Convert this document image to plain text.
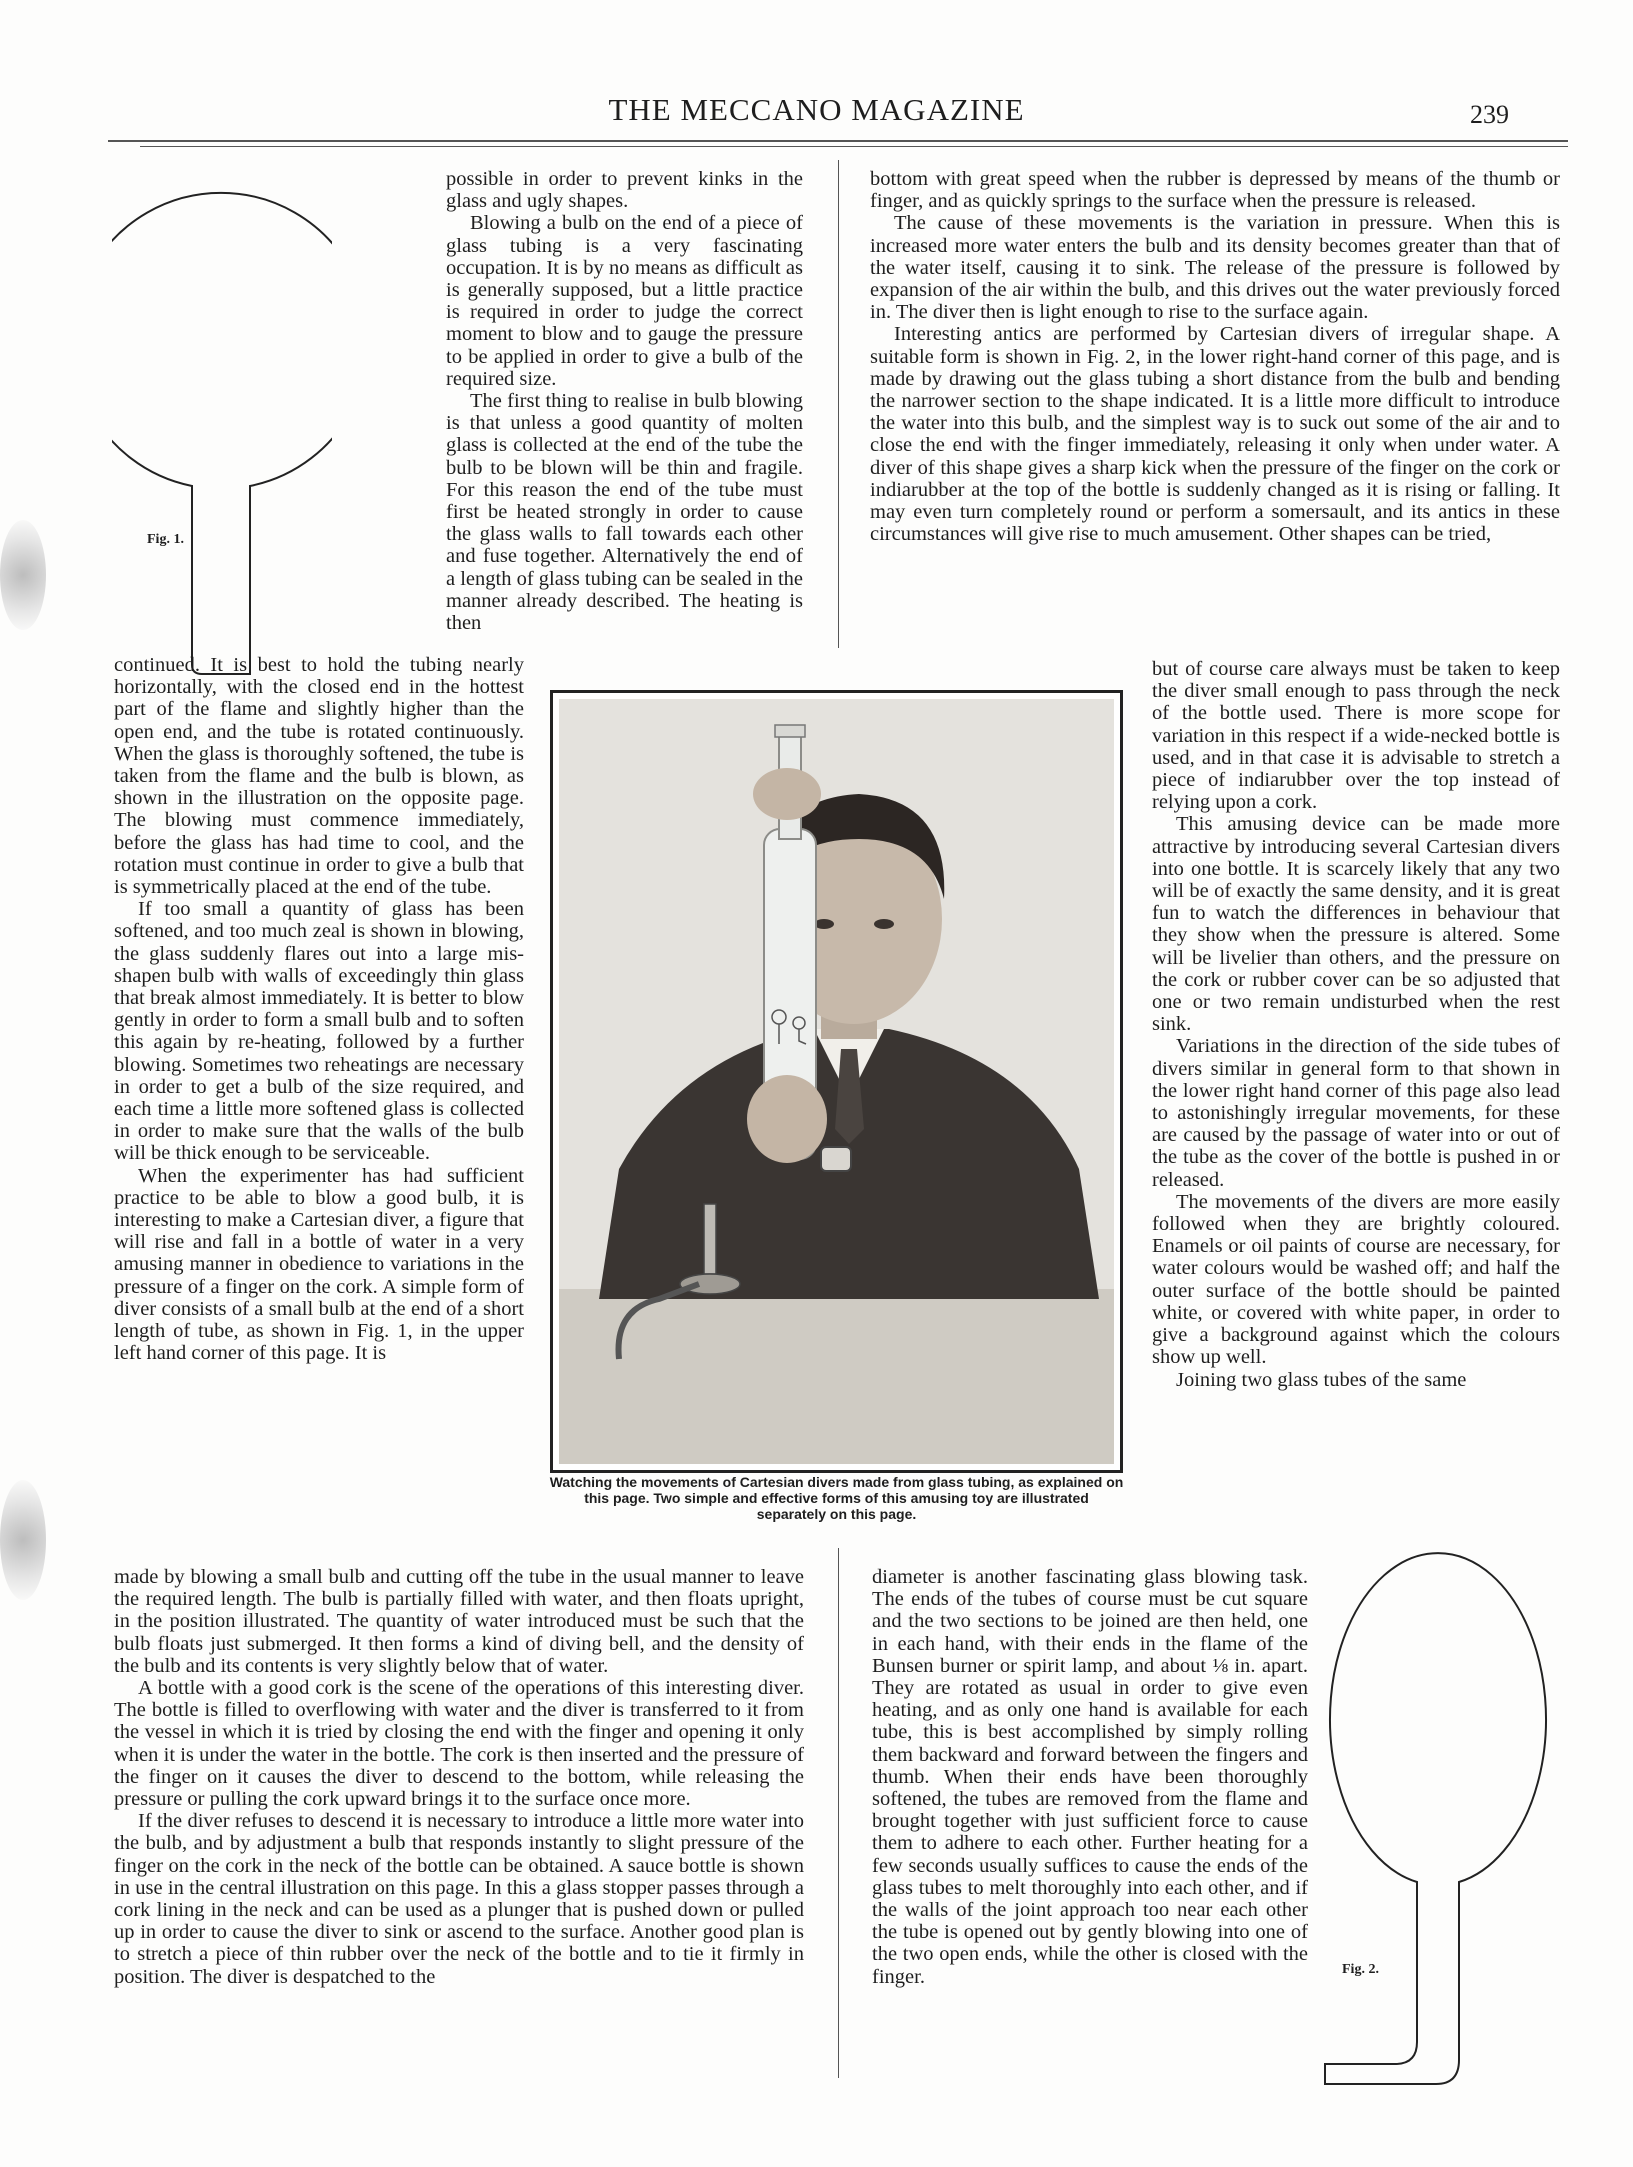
THE MECCANO MAGAZINE	239
Fig. 1.
Fig. 2.

possible in order to prevent kinks in the glass and ugly shapes.

Blowing a bulb on the end of a piece of glass tubing is a very fascinating occupation. It is by no means as difficult as is generally supposed, but a little practice is required in order to judge the correct moment to blow and to gauge the pressure to be applied in order to give a bulb of the required size.

The first thing to realise in bulb blowing is that unless a good quantity of molten glass is collected at the end of the tube the bulb to be blown will be thin and fragile. For this reason the end of the tube must first be heated strongly in order to cause the glass walls to fall towards each other and fuse together. Alternatively the end of a length of glass tubing can be sealed in the manner already described. The heating is then

continued. It is best to hold the tubing nearly horizontally, with the closed end in the hottest part of the flame and slightly higher than the open end, and the tube is rotated continuously. When the glass is thoroughly softened, the tube is taken from the flame and the bulb is blown, as shown in the illustration on the opposite page. The blowing must commence immediately, before the glass has had time to cool, and the rotation must continue in order to give a bulb that is symmetrically placed at the end of the tube.

If too small a quantity of glass has been softened, and too much zeal is shown in blowing, the glass suddenly flares out into a large mis-shapen bulb with walls of exceedingly thin glass that break almost immediately. It is better to blow gently in order to form a small bulb and to soften this again by re-heating, followed by a further blowing. Sometimes two reheatings are necessary in order to get a bulb of the size required, and each time a little more softened glass is collected in order to make sure that the walls of the bulb will be thick enough to be serviceable.

When the experimenter has had sufficient practice to be able to blow a good bulb, it is interesting to make a Cartesian diver, a figure that will rise and fall in a bottle of water in a very amusing manner in obedience to variations in the pressure of a finger on the cork. A simple form of diver consists of a small bulb at the end of a short length of tube, as shown in Fig. 1, in the upper left hand corner of this page. It is

made by blowing a small bulb and cutting off the tube in the usual manner to leave the required length. The bulb is partially filled with water, and then floats upright, in the position illustrated. The quantity of water introduced must be such that the bulb floats just submerged. It then forms a kind of diving bell, and the density of the bulb and its contents is very slightly below that of water.

A bottle with a good cork is the scene of the operations of this interesting diver. The bottle is filled to overflowing with water and the diver is transferred to it from the vessel in which it is tried by closing the end with the finger and opening it only when it is under the water in the bottle. The cork is then inserted and the pressure of the finger on it causes the diver to descend to the bottom, while releasing the pressure or pulling the cork upward brings it to the surface once more.

If the diver refuses to descend it is necessary to introduce a little more water into the bulb, and by adjustment a bulb that responds instantly to slight pressure of the finger on the cork in the neck of the bottle can be obtained. A sauce bottle is shown in use in the central illustration on this page. In this a glass stopper passes through a cork lining in the neck and can be used as a plunger that is pushed down or pulled up in order to cause the diver to sink or ascend to the surface. Another good plan is to stretch a piece of thin rubber over the neck of the bottle and to tie it firmly in position. The diver is despatched to the

bottom with great speed when the rubber is depressed by means of the thumb or finger, and as quickly springs to the surface when the pressure is released.

The cause of these movements is the variation in pressure. When this is increased more water enters the bulb and its density becomes greater than that of the water itself, causing it to sink. The release of the pressure is followed by expansion of the air within the bulb, and this drives out the water previously forced in. The diver then is light enough to rise to the surface again.

Interesting antics are performed by Cartesian divers of irregular shape. A suitable form is shown in Fig. 2, in the lower right-hand corner of this page, and is made by drawing out the glass tubing a short distance from the bulb and bending the narrower section to the shape indicated. It is a little more difficult to introduce the water into this bulb, and the simplest way is to suck out some of the air and to close the end with the finger immediately, releasing it only when under water. A diver of this shape gives a sharp kick when the pressure of the finger on the cork or indiarubber at the top of the bottle is suddenly changed as it is rising or falling. It may even turn completely round or perform a somersault, and its antics in these circumstances will give rise to much amusement. Other shapes can be tried,

but of course care always must be taken to keep the diver small enough to pass through the neck of the bottle used. There is more scope for variation in this respect if a wide-necked bottle is used, and in that case it is advisable to stretch a piece of indiarubber over the top instead of relying upon a cork.

This amusing device can be made more attractive by introducing several Cartesian divers into one bottle. It is scarcely likely that any two will be of exactly the same density, and it is great fun to watch the differences in behaviour that they show when the pressure is altered. Some will be livelier than others, and the pressure on the cork or rubber cover can be so adjusted that one or two remain undisturbed when the rest sink.

Variations in the direction of the side tubes of divers similar in general form to that shown in the lower right hand corner of this page also lead to astonishingly irregular movements, for these are caused by the passage of water into or out of the tube as the cover of the bottle is pushed in or released.

The movements of the divers are more easily followed when they are brightly coloured. Enamels or oil paints of course are necessary, for water colours would be washed off; and half the outer surface of the bottle should be painted white, or covered with white paper, in order to give a background against which the colours show up well.

Joining two glass tubes of the same

diameter is another fascinating glass blowing task. The ends of the tubes of course must be cut square and the two sections to be joined are then held, one in each hand, with their ends in the flame of the Bunsen burner or spirit lamp, and about ⅛ in. apart. They are rotated as usual in order to give even heating, and as only one hand is available for each tube, this is best accomplished by simply rolling them backward and forward between the fingers and thumb. When their ends have been thoroughly softened, the tubes are removed from the flame and brought together with just sufficient force to cause them to adhere to each other. Further heating for a few seconds usually suffices to cause the ends of the glass tubes to melt thoroughly into each other, and if the walls of the joint approach too near each other the tube is opened out by gently blowing into one of the two open ends, while the other is closed with the finger.

Watching the movements of Cartesian divers made from glass tubing, as explained on this page. Two simple and effective forms of this amusing toy are illustrated separately on this page.
